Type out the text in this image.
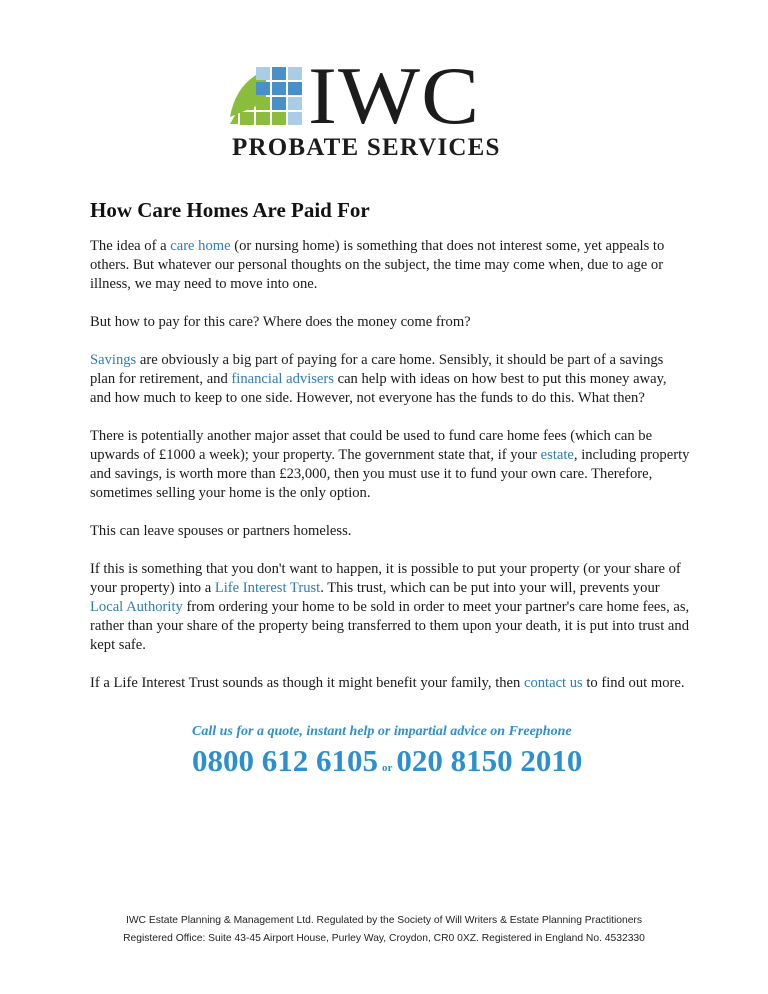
IWC
PROBATE SERVICES
How Care Homes Are Paid For

The idea of a care home (or nursing home) is something that does not interest some, yet appeals to others. But whatever our personal thoughts on the subject, the time may come when, due to age or illness, we may need to move into one.

But how to pay for this care? Where does the money come from?

Savings are obviously a big part of paying for a care home. Sensibly, it should be part of a savings plan for retirement, and financial advisers can help with ideas on how best to put this money away, and how much to keep to one side. However, not everyone has the funds to do this. What then?

There is potentially another major asset that could be used to fund care home fees (which can be upwards of £1000 a week); your property. The government state that, if your estate, including property and savings, is worth more than £23,000, then you must use it to fund your own care. Therefore, sometimes selling your home is the only option.

This can leave spouses or partners homeless.

If this is something that you don't want to happen, it is possible to put your property (or your share of your property) into a Life Interest Trust. This trust, which can be put into your will, prevents your Local Authority from ordering your home to be sold in order to meet your partner's care home fees, as, rather than your share of the property being transferred to them upon your death, it is put into trust and kept safe.

If a Life Interest Trust sounds as though it might benefit your family, then contact us to find out more.

Call us for a quote, instant help or impartial advice on Freephone
0800 612 6105 or 020 8150 2010
IWC Estate Planning & Management Ltd. Regulated by the Society of Will Writers & Estate Planning Practitioners
Registered Office: Suite 43-45 Airport House, Purley Way, Croydon, CR0 0XZ. Registered in England No. 4532330
